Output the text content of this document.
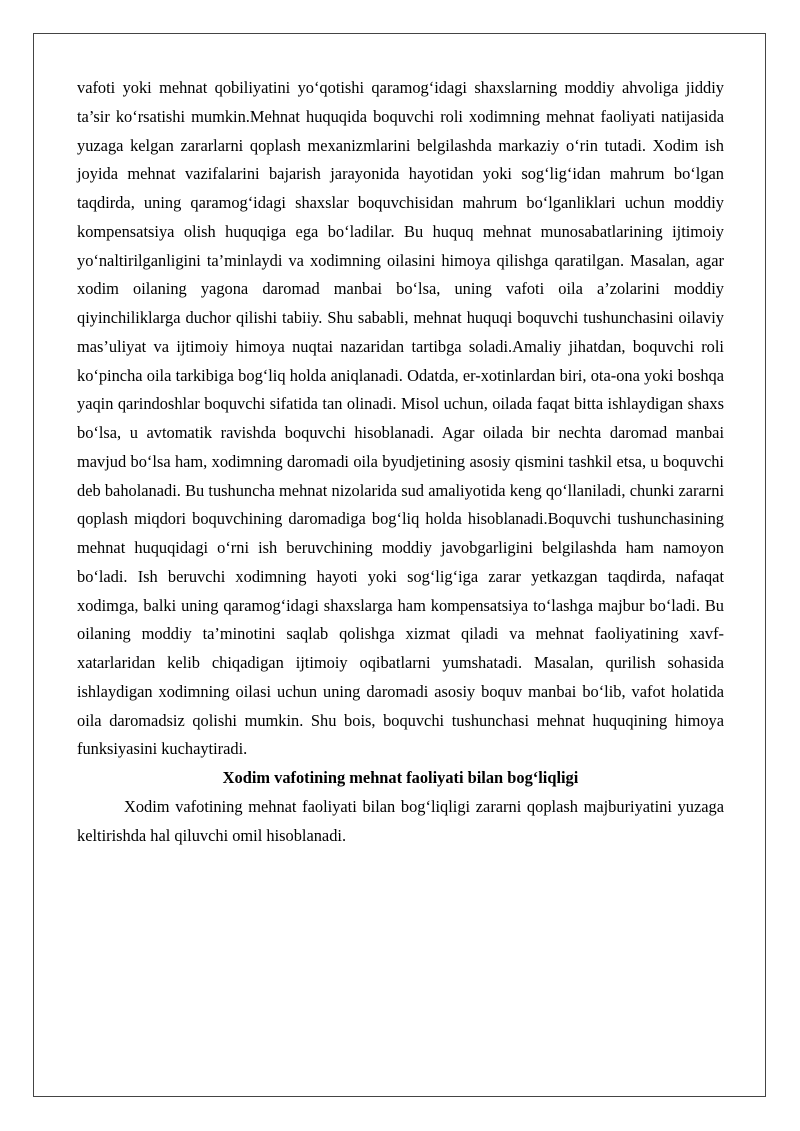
vafoti yoki mehnat qobiliyatini yo‘qotishi qaramog‘idagi shaxslarning moddiy ahvoliga jiddiy ta’sir ko‘rsatishi mumkin.Mehnat huquqida boquvchi roli xodimning mehnat faoliyati natijasida yuzaga kelgan zararlarni qoplash mexanizmlarini belgilashda markaziy o‘rin tutadi. Xodim ish joyida mehnat vazifalarini bajarish jarayonida hayotidan yoki sog‘lig‘idan mahrum bo‘lgan taqdirda, uning qaramog‘idagi shaxslar boquvchisidan mahrum bo‘lganliklari uchun moddiy kompensatsiya olish huquqiga ega bo‘ladilar. Bu huquq mehnat munosabatlarining ijtimoiy yo‘naltirilganligini ta’minlaydi va xodimning oilasini himoya qilishga qaratilgan. Masalan, agar xodim oilaning yagona daromad manbai bo‘lsa, uning vafoti oila a’zolarini moddiy qiyinchiliklarga duchor qilishi tabiiy. Shu sababli, mehnat huquqi boquvchi tushunchasini oilaviy mas’uliyat va ijtimoiy himoya nuqtai nazaridan tartibga soladi.Amaliy jihatdan, boquvchi roli ko‘pincha oila tarkibiga bog‘liq holda aniqlanadi. Odatda, er-xotinlardan biri, ota-ona yoki boshqa yaqin qarindoshlar boquvchi sifatida tan olinadi. Misol uchun, oilada faqat bitta ishlaydigan shaxs bo‘lsa, u avtomatik ravishda boquvchi hisoblanadi. Agar oilada bir nechta daromad manbai mavjud bo‘lsa ham, xodimning daromadi oila byudjetining asosiy qismini tashkil etsa, u boquvchi deb baholanadi. Bu tushuncha mehnat nizolarida sud amaliyotida keng qo‘llaniladi, chunki zararni qoplash miqdori boquvchining daromadiga bog‘liq holda hisoblanadi.Boquvchi tushunchasining mehnat huquqidagi o‘rni ish beruvchining moddiy javobgarligini belgilashda ham namoyon bo‘ladi. Ish beruvchi xodimning hayoti yoki sog‘lig‘iga zarar yetkazgan taqdirda, nafaqat xodimga, balki uning qaramog‘idagi shaxslarga ham kompensatsiya to‘lashga majbur bo‘ladi. Bu oilaning moddiy ta’minotini saqlab qolishga xizmat qiladi va mehnat faoliyatining xavf-xatarlaridan kelib chiqadigan ijtimoiy oqibatlarni yumshatadi. Masalan, qurilish sohasida ishlaydigan xodimning oilasi uchun uning daromadi asosiy boquv manbai bo‘lib, vafot holatida oila daromadsiz qolishi mumkin. Shu bois, boquvchi tushunchasi mehnat huquqining himoya funksiyasini kuchaytiradi.

Xodim vafotining mehnat faoliyati bilan bog‘liqligi

Xodim vafotining mehnat faoliyati bilan bog‘liqligi zararni qoplash majburiyatini yuzaga keltirishda hal qiluvchi omil hisoblanadi.
